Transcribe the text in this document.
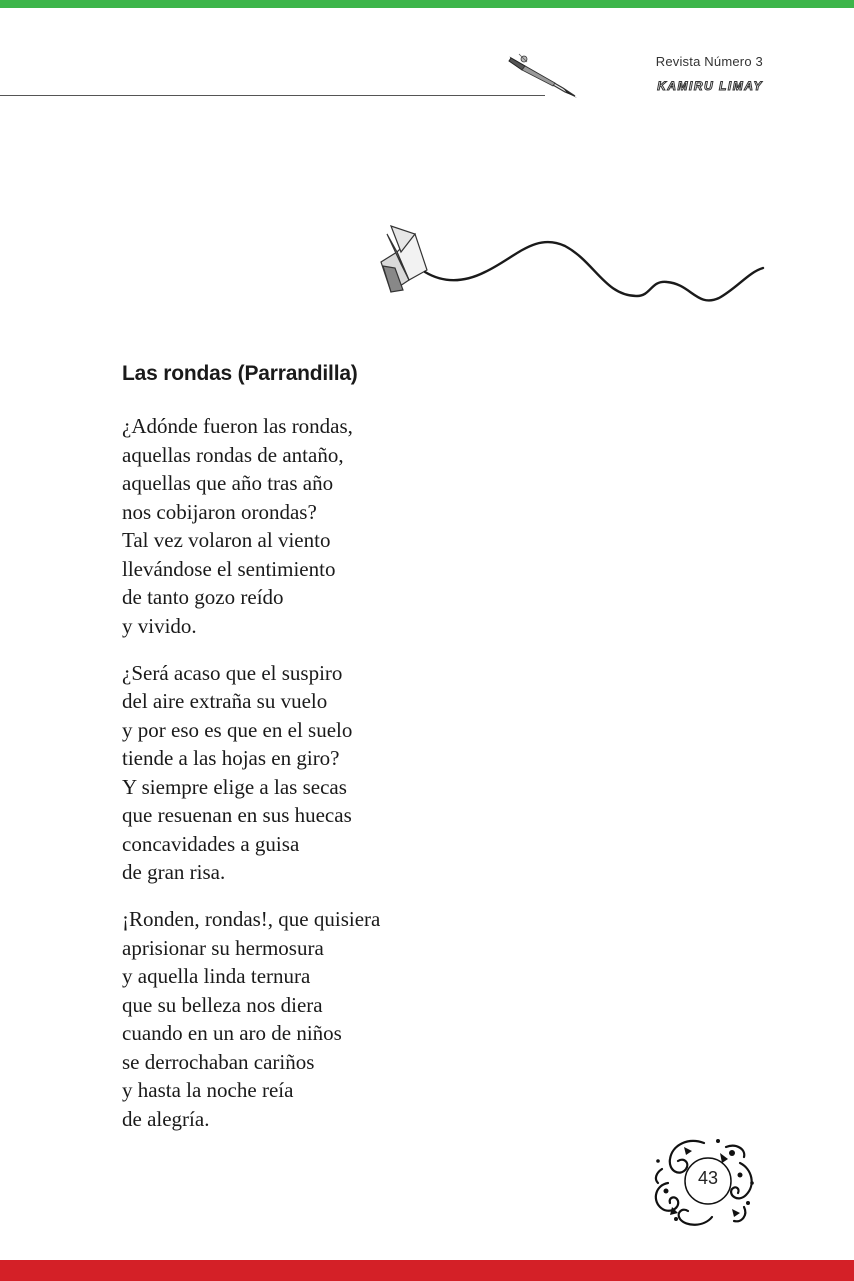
Revista Número 3
KAMIRU LIMAY
Las rondas (Parrandilla)
¿Adónde fueron las rondas,
aquellas rondas de antaño,
aquellas que año tras año
nos cobijaron orondas?
Tal vez volaron al viento
llevándose el sentimiento
de tanto gozo reído
y vivido.
¿Será acaso que el suspiro
del aire extraña su vuelo
y por eso es que en el suelo
tiende a las hojas en giro?
Y siempre elige a las secas
que resuenan en sus huecas
concavidades a guisa
de gran risa.
¡Ronden, rondas!, que quisiera
aprisionar su hermosura
y aquella linda ternura
que su belleza nos diera
cuando en un aro de niños
se derrochaban cariños
y hasta la noche reía
de alegría.
43
